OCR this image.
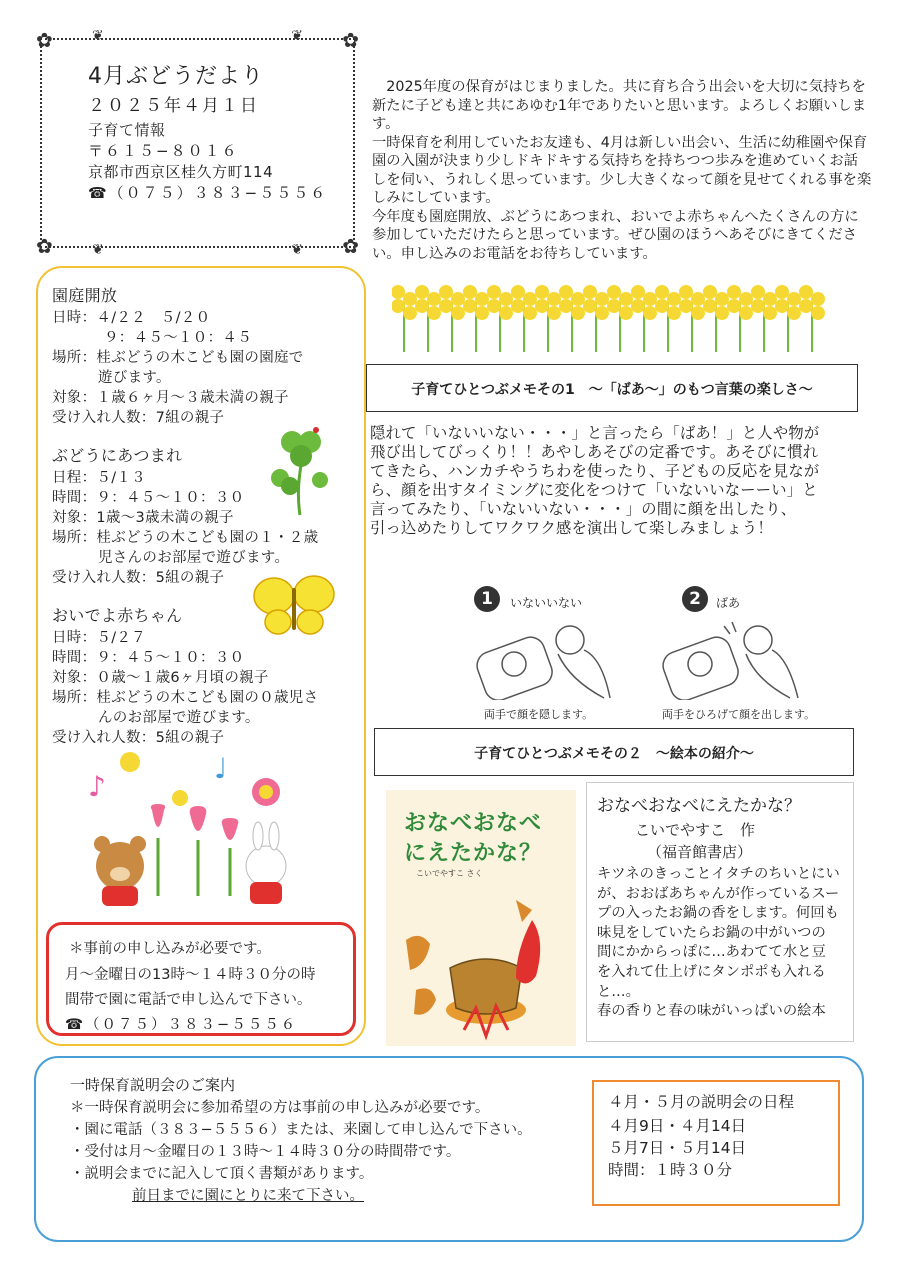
✿	✿
✿	✿
❦	❦
❦	❦
4月ぶどうだより
２０２５年４月１日
子育て情報
〒６１５−８０１６
京都市西京区桂久方町114
☎（０７５）３８３−５５５６

2025年度の保育がはじまりました。共に育ち合う出会いを大切に気持ちを新たに子ども達と共にあゆむ1年でありたいと思います。よろしくお願いします。

一時保育を利用していたお友達も、4月は新しい出会い、生活に幼稚園や保育園の入園が決まり少しドキドキする気持ちを持ちつつ歩みを進めていくお話しを伺い、うれしく思っています。少し大きくなって顔を見せてくれる事を楽しみにしています。

今年度も園庭開放、ぶどうにあつまれ、おいでよ赤ちゃんへたくさんの方に参加していただけたらと思っています。ぜひ園のほうへあそびにきてください。申し込みのお電話をお待ちしています。

園庭開放
日時：４/２２　５/２０
９：４５〜１０：４５
場所：桂ぶどうの木こども園の園庭で
遊びます。
対象：１歳６ヶ月〜３歳未満の親子
受け入れ人数：7組の親子
ぶどうにあつまれ
日程：５/１３
時間：９：４５〜１０：３０
対象：1歳〜3歳未満の親子
場所：桂ぶどうの木こども園の１・２歳
児さんのお部屋で遊びます。
受け入れ人数：5組の親子
おいでよ赤ちゃん
日時：５/２７
時間：９：４５〜１０：３０
対象：０歳〜１歳6ヶ月頃の親子
場所：桂ぶどうの木こども園の０歳児さ
んのお部屋で遊びます。
受け入れ人数：5組の親子
♪
♩
＊事前の申し込みが必要です。
月〜金曜日の13時〜１４時３０分の時
間帯で園に電話で申し込んで下さい。
☎（０７５）３８３−５５５６
子育てひとつぶメモその1　〜「ばあ〜」のもつ言葉の楽しさ〜
隠れて「いないいない・・・」と言ったら「ばあ！」と人や物が
飛び出してびっくり！！あやしあそびの定番です。あそびに慣れ
てきたら、ハンカチやうちわを使ったり、子どもの反応を見なが
ら、顔を出すタイミングに変化をつけて「いないいなーーい」と
言ってみたり、「いないいない・・・」の間に顔を出したり、
引っ込めたりしてワクワク感を演出して楽しみましょう！
1	いないいない
両手で顔を隠します。
2	ばあ
両手をひろげて顔を出します。
子育てひとつぶメモその２　〜絵本の紹介〜
おなべおなべ
にえたかな？
こいでやすこ さく
おなべおなべにえたかな？
こいでやすこ　作
（福音館書店）
キツネのきっことイタチのちいとにい
が、おおばあちゃんが作っているスー
プの入ったお鍋の香をします。何回も
味見をしていたらお鍋の中がいつの
間にかからっぽに…あわてて水と豆
を入れて仕上げにタンポポも入れる
と…。
春の香りと春の味がいっぱいの絵本
一時保育説明会のご案内
＊一時保育説明会に参加希望の方は事前の申し込みが必要です。
・園に電話（３８３−５５５６）または、来園して申し込んで下さい。
・受付は月〜金曜日の１３時〜１４時３０分の時間帯です。
・説明会までに記入して頂く書類があります。
前日までに園にとりに来て下さい。
４月・５月の説明会の日程
４月9日・４月14日
５月7日・５月14日
時間：１時３０分
